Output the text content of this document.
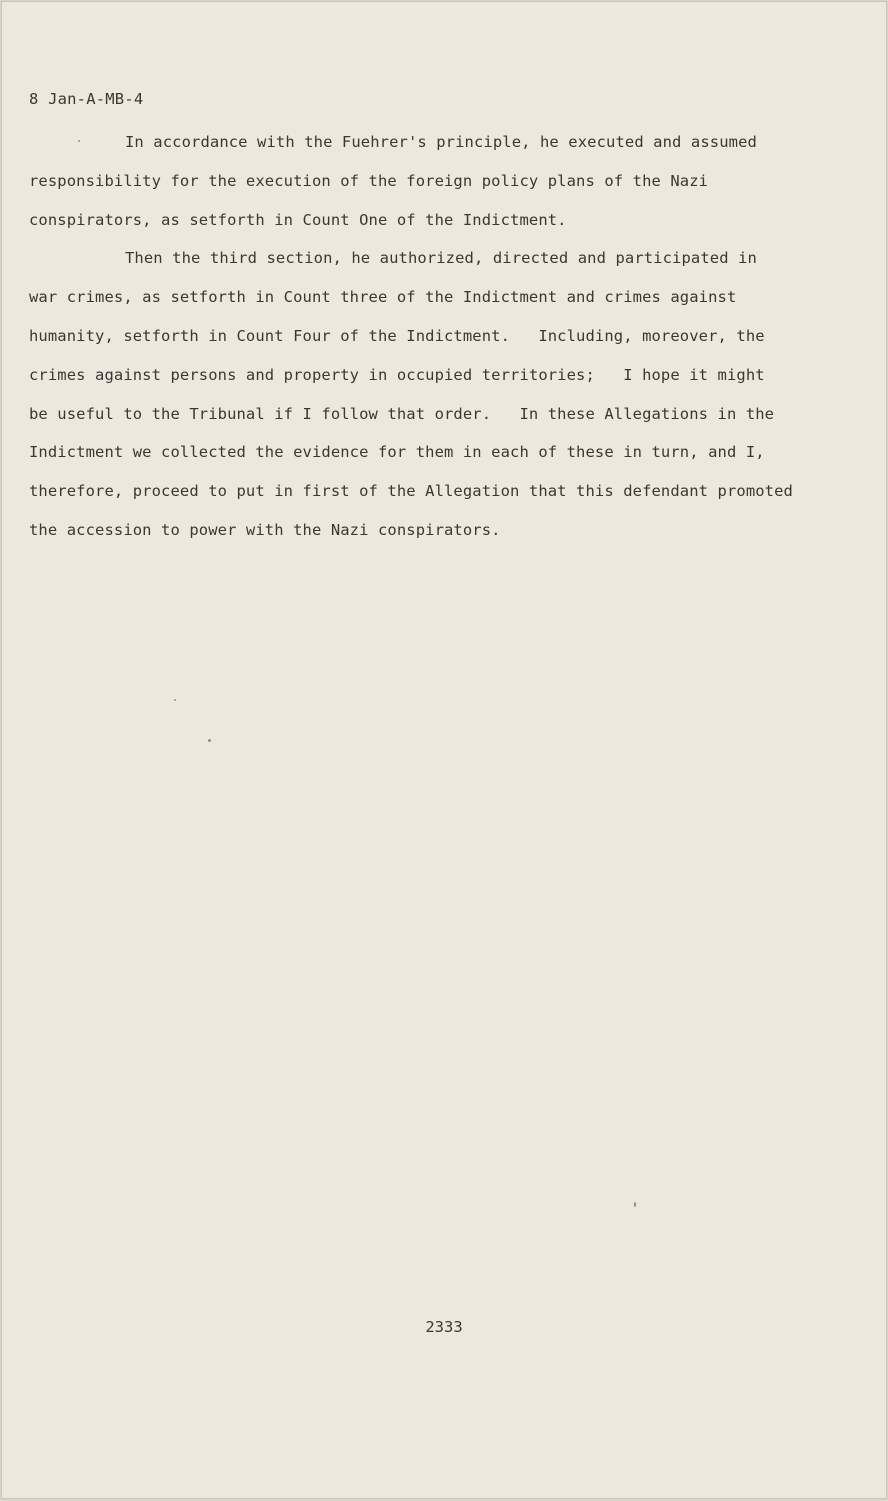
8 Jan-A-MB-4
In accordance with the Fuehrer's principle, he executed and assumed
responsibility for the execution of the foreign policy plans of the Nazi
conspirators, as setforth in Count One of the Indictment.
Then the third section, he authorized, directed and participated in
war crimes, as setforth in Count three of the Indictment and crimes against
humanity, setforth in Count Four of the Indictment.   Including, moreover, the
crimes against persons and property in occupied territories;   I hope it might
be useful to the Tribunal if I follow that order.   In these Allegations in the
Indictment we collected the evidence for them in each of these in turn, and I,
therefore, proceed to put in first of the Allegation that this defendant promoted
the accession to power with the Nazi conspirators.
2333
